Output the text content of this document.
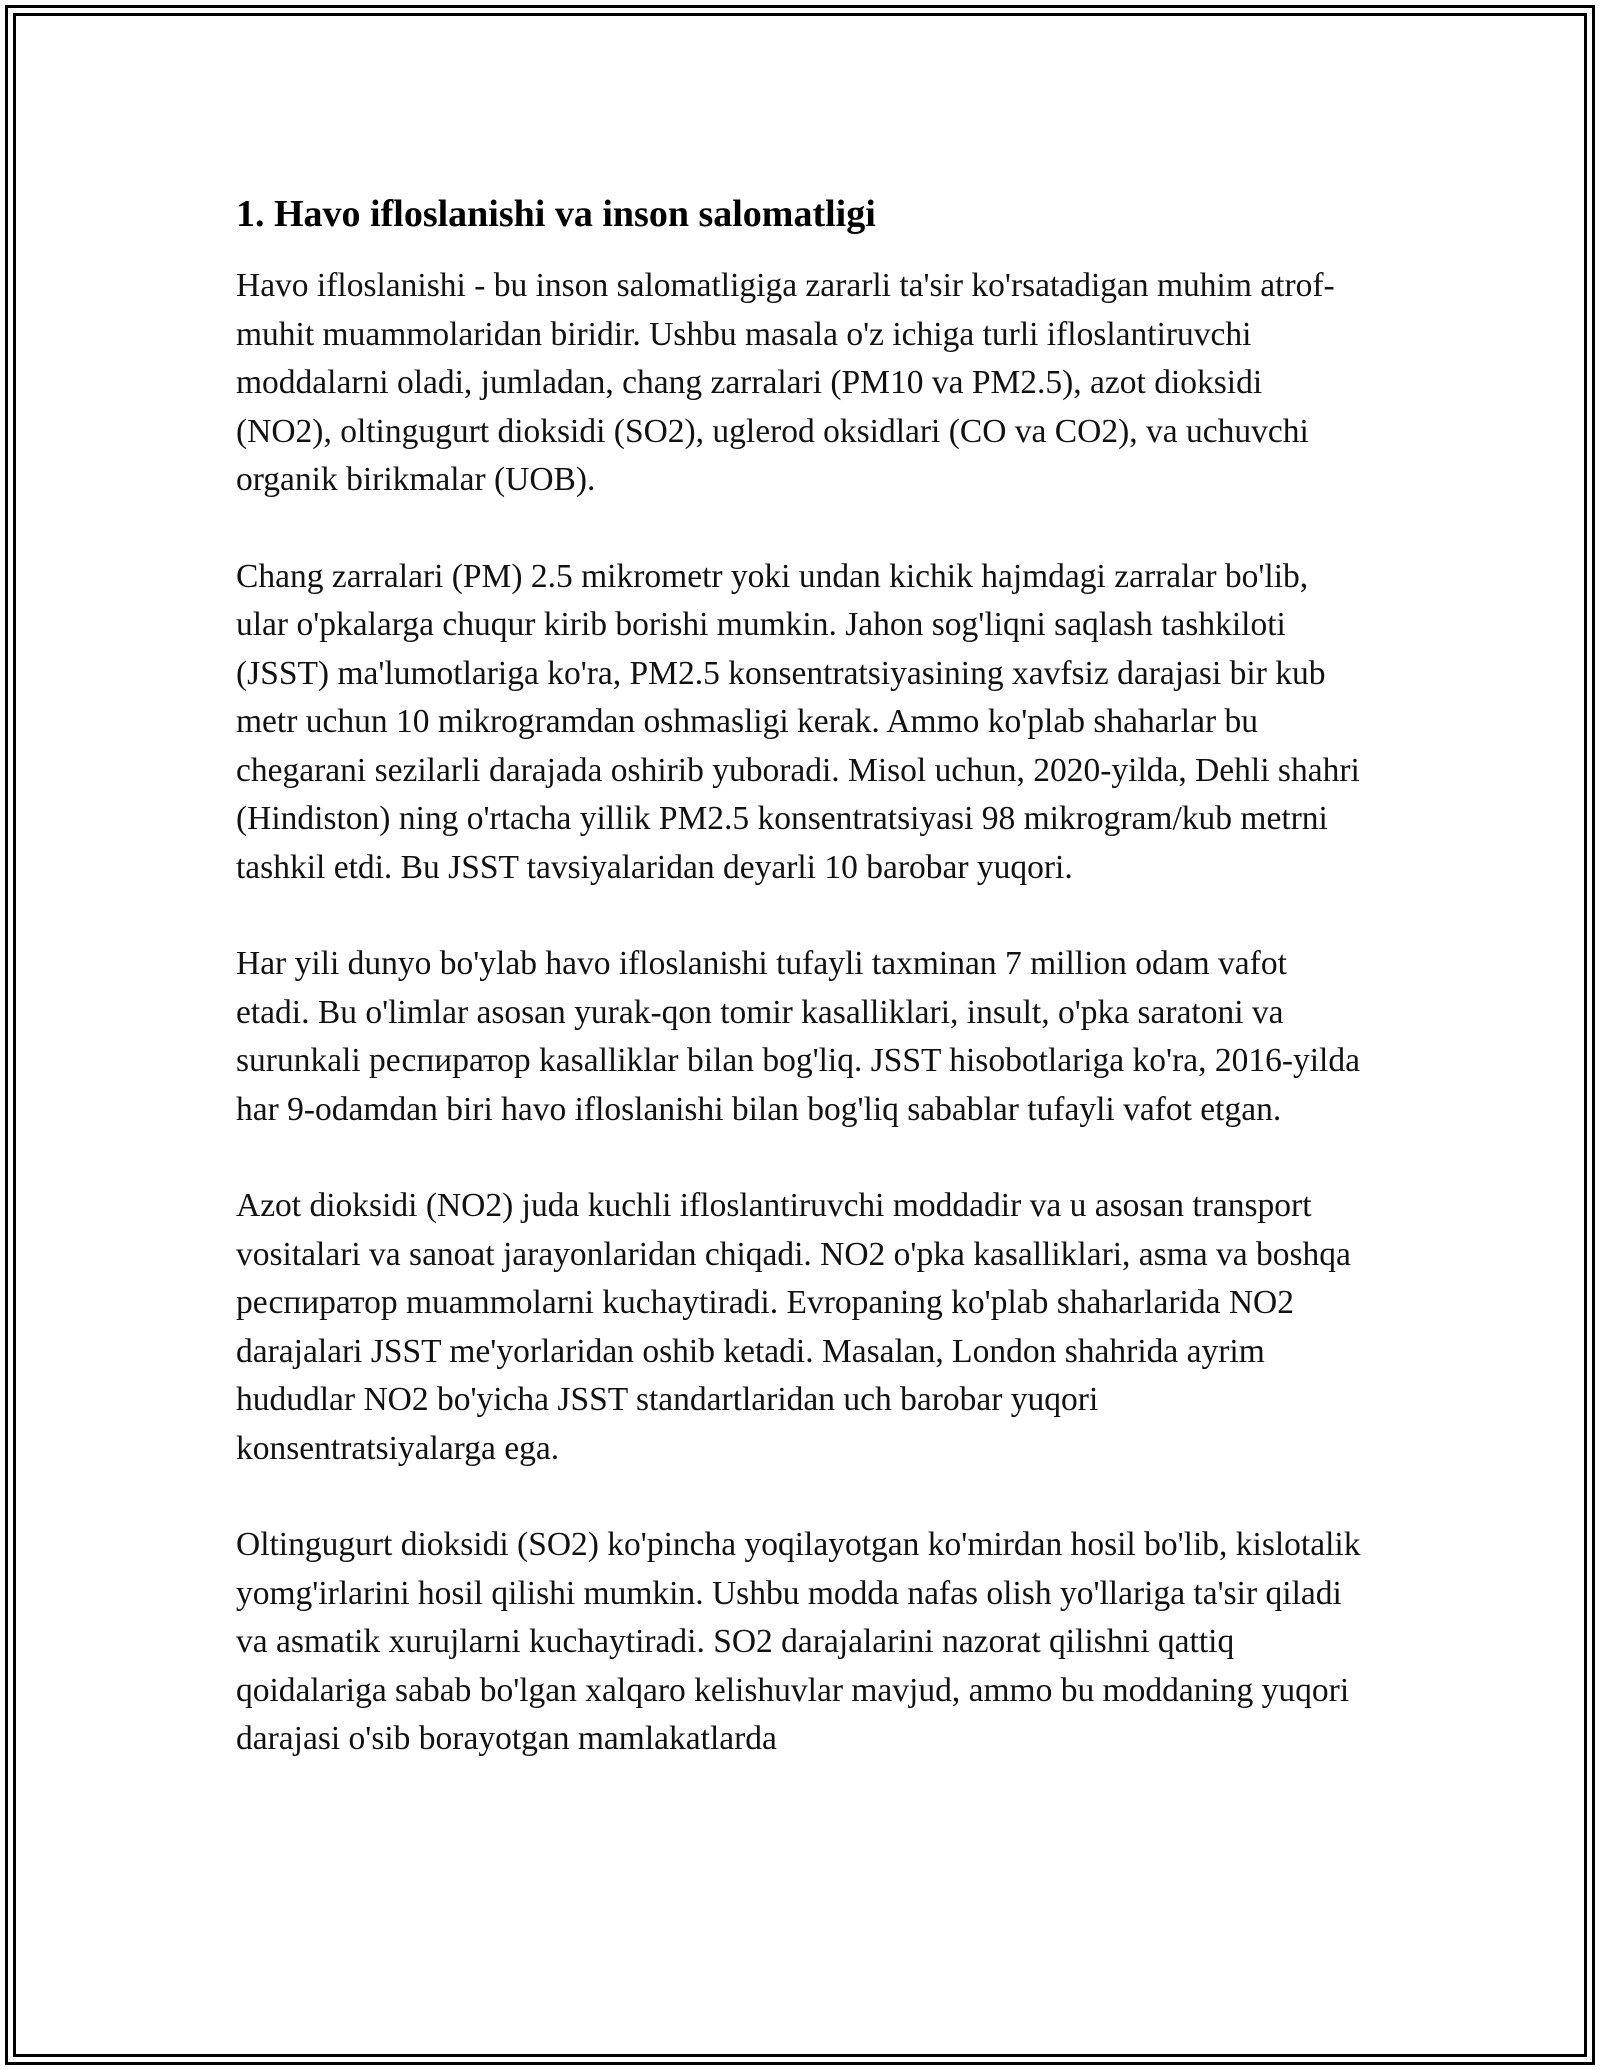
1. Havo ifloslanishi va inson salomatligi

Havo ifloslanishi - bu inson salomatligiga zararli ta'sir ko'rsatadigan muhim atrof-muhit muammolaridan biridir. Ushbu masala o'z ichiga turli ifloslantiruvchi moddalarni oladi, jumladan, chang zarralari (PM10 va PM2.5), azot dioksidi (NO2), oltingugurt dioksidi (SO2), uglerod oksidlari (CO va CO2), va uchuvchi organik birikmalar (UOB).

Chang zarralari (PM) 2.5 mikrometr yoki undan kichik hajmdagi zarralar bo'lib, ular o'pkalarga chuqur kirib borishi mumkin. Jahon sog'liqni saqlash tashkiloti (JSST) ma'lumotlariga ko'ra, PM2.5 konsentratsiyasining xavfsiz darajasi bir kub metr uchun 10 mikrogramdan oshmasligi kerak. Ammo ko'plab shaharlar bu chegarani sezilarli darajada oshirib yuboradi. Misol uchun, 2020-yilda, Dehli shahri (Hindiston) ning o'rtacha yillik PM2.5 konsentratsiyasi 98 mikrogram/kub metrni tashkil etdi. Bu JSST tavsiyalaridan deyarli 10 barobar yuqori.

Har yili dunyo bo'ylab havo ifloslanishi tufayli taxminan 7 million odam vafot etadi. Bu o'limlar asosan yurak-qon tomir kasalliklari, insult, o'pka saratoni va surunkali респиратор kasalliklar bilan bog'liq. JSST hisobotlariga ko'ra, 2016-yilda har 9-odamdan biri havo ifloslanishi bilan bog'liq sabablar tufayli vafot etgan.

Azot dioksidi (NO2) juda kuchli ifloslantiruvchi moddadir va u asosan transport vositalari va sanoat jarayonlaridan chiqadi. NO2 o'pka kasalliklari, asma va boshqa респиратор muammolarni kuchaytiradi. Evropaning ko'plab shaharlarida NO2 darajalari JSST me'yorlaridan oshib ketadi. Masalan, London shahrida ayrim hududlar NO2 bo'yicha JSST standartlaridan uch barobar yuqori konsentratsiyalarga ega.

Oltingugurt dioksidi (SO2) ko'pincha yoqilayotgan ko'mirdan hosil bo'lib, kislotalik yomg'irlarini hosil qilishi mumkin. Ushbu modda nafas olish yo'llariga ta'sir qiladi va asmatik xurujlarni kuchaytiradi. SO2 darajalarini nazorat qilishni qattiq qoidalariga sabab bo'lgan xalqaro kelishuvlar mavjud, ammo bu moddaning yuqori darajasi o'sib borayotgan mamlakatlarda
